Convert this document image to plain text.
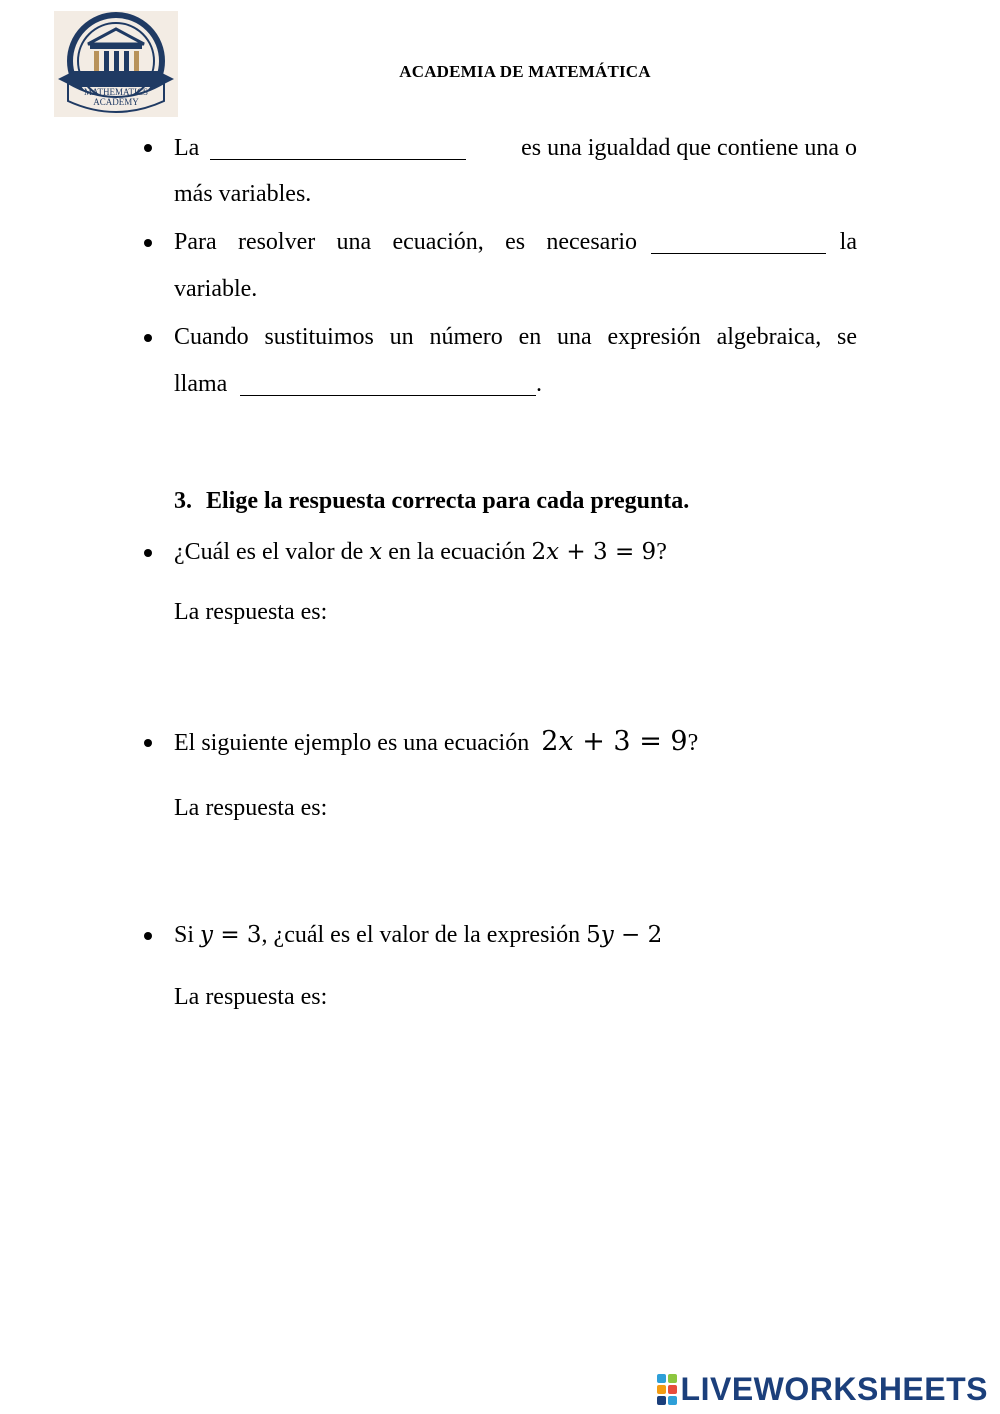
MATHEMATICS
ACADEMY
ACADEMIA DE MATEMÁTICA
La	es una igualdad que contiene una o
más variables.
Para resolver una ecuación, es necesario	la
variable.
Cuando sustituimos un número en una expresión algebraica, se
llama	.
3. Elige la respuesta correcta para cada pregunta.
¿Cuál es el valor de x en la ecuación 2x + 3 = 9?
La respuesta es:
El siguiente ejemplo es una ecuación 2x + 3 = 9?
La respuesta es:
Si y = 3, ¿cuál es el valor de la expresión 5y − 2
La respuesta es:
LIVEWORKSHEETS
